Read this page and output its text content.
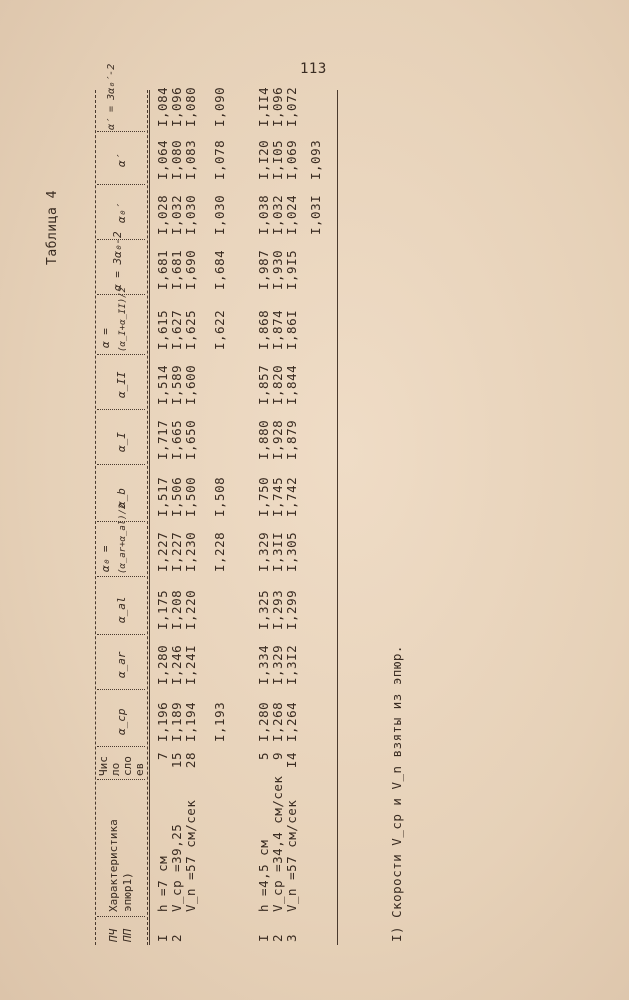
113
Таблица 4
ПЧ ПП
Характеристика эпюр1)
Чис ло сло ев
α_cp
α_ar
α_al
α₀ = (α_ar+α_al)/2
α_b
α_I
α_II
α = (α_I+α_II)/2
α = 3α₀-2
α₀′
α′
α′ = 3α₀′-2
I
h =7 см
7
I,196
I,280
I,175
I,227
I,517
I,717
I,514
I,615
I,681
I,028
I,064
I,084
2
V_cp =39,25
15
I,189
I,246
I,208
I,227
I,506
I,665
I,589
I,627
I,681
I,032
I,080
I,096
V_n =57 см/сек
28
I,194
I,24I
I,220
I,230
I,500
I,650
I,600
I,625
I,690
I,030
I,083
I,080
I,193
I,228
I,508
I,622
I,684
I,030
I,078
I,090
I
h =4,5 см
5
I,280
I,334
I,325
I,329
I,750
I,880
I,857
I,868
I,987
I,038
I,I20
I,II4
2
V_cp =34,4 см/сек
9
I,268
I,329
I,293
I,3II
I,745
I,928
I,820
I,874
I,930
I,032
I,I05
I,096
3
V_n =57 см/сек
I4
I,264
I,3I2
I,299
I,305
I,742
I,879
I,844
I,86I
I,9I5
I,024
I,069
I,072
I,03I
I,093
I) Скорости V_cp и V_n взяты из эпюр.
